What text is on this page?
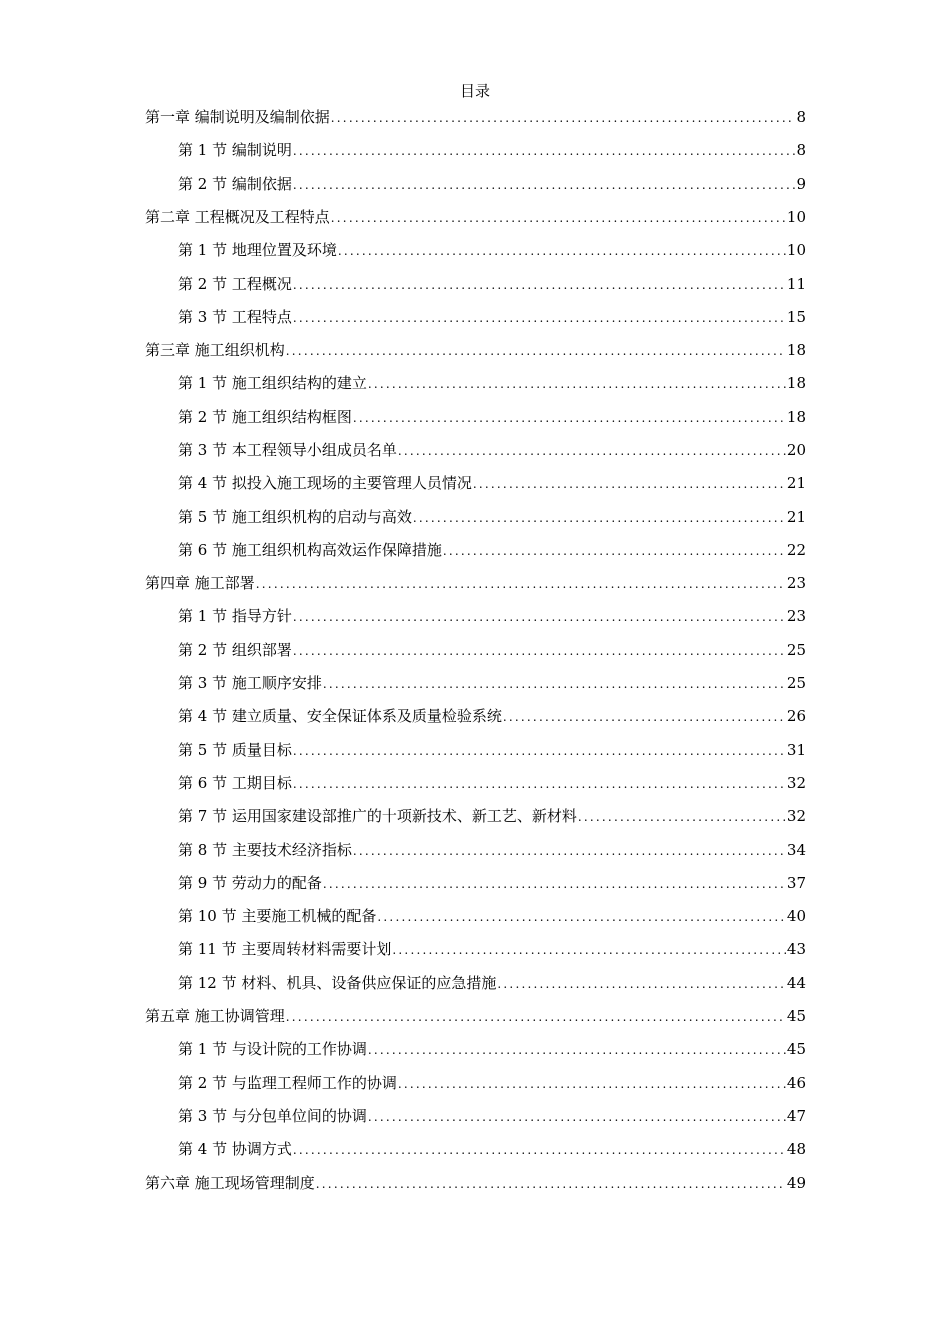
目录
第一章 编制说明及编制依据 .....	8
第 1 节 编制说明 .....	8
第 2 节 编制依据 .....	9
第二章 工程概况及工程特点 .....	10
第 1 节 地理位置及环境 .....	10
第 2 节 工程概况 .....	11
第 3 节 工程特点 .....	15
第三章 施工组织机构 .....	18
第 1 节 施工组织结构的建立 .....	18
第 2 节 施工组织结构框图 .....	18
第 3 节 本工程领导小组成员名单 .....	20
第 4 节 拟投入施工现场的主要管理人员情况 .....	21
第 5 节 施工组织机构的启动与高效 .....	21
第 6 节 施工组织机构高效运作保障措施 .....	22
第四章 施工部署 .....	23
第 1 节 指导方针 .....	23
第 2 节 组织部署 .....	25
第 3 节 施工顺序安排 .....	25
第 4 节 建立质量、安全保证体系及质量检验系统 .....	26
第 5 节 质量目标 .....	31
第 6 节 工期目标 .....	32
第 7 节 运用国家建设部推广的十项新技术、新工艺、新材料 .....	32
第 8 节 主要技术经济指标 .....	34
第 9 节 劳动力的配备 .....	37
第 10 节 主要施工机械的配备 .....	40
第 11 节 主要周转材料需要计划 .....	43
第 12 节 材料、机具、设备供应保证的应急措施 .....	44
第五章 施工协调管理 .....	45
第 1 节 与设计院的工作协调 .....	45
第 2 节 与监理工程师工作的协调 .....	46
第 3 节 与分包单位间的协调 .....	47
第 4 节 协调方式 .....	48
第六章 施工现场管理制度 .....	49
